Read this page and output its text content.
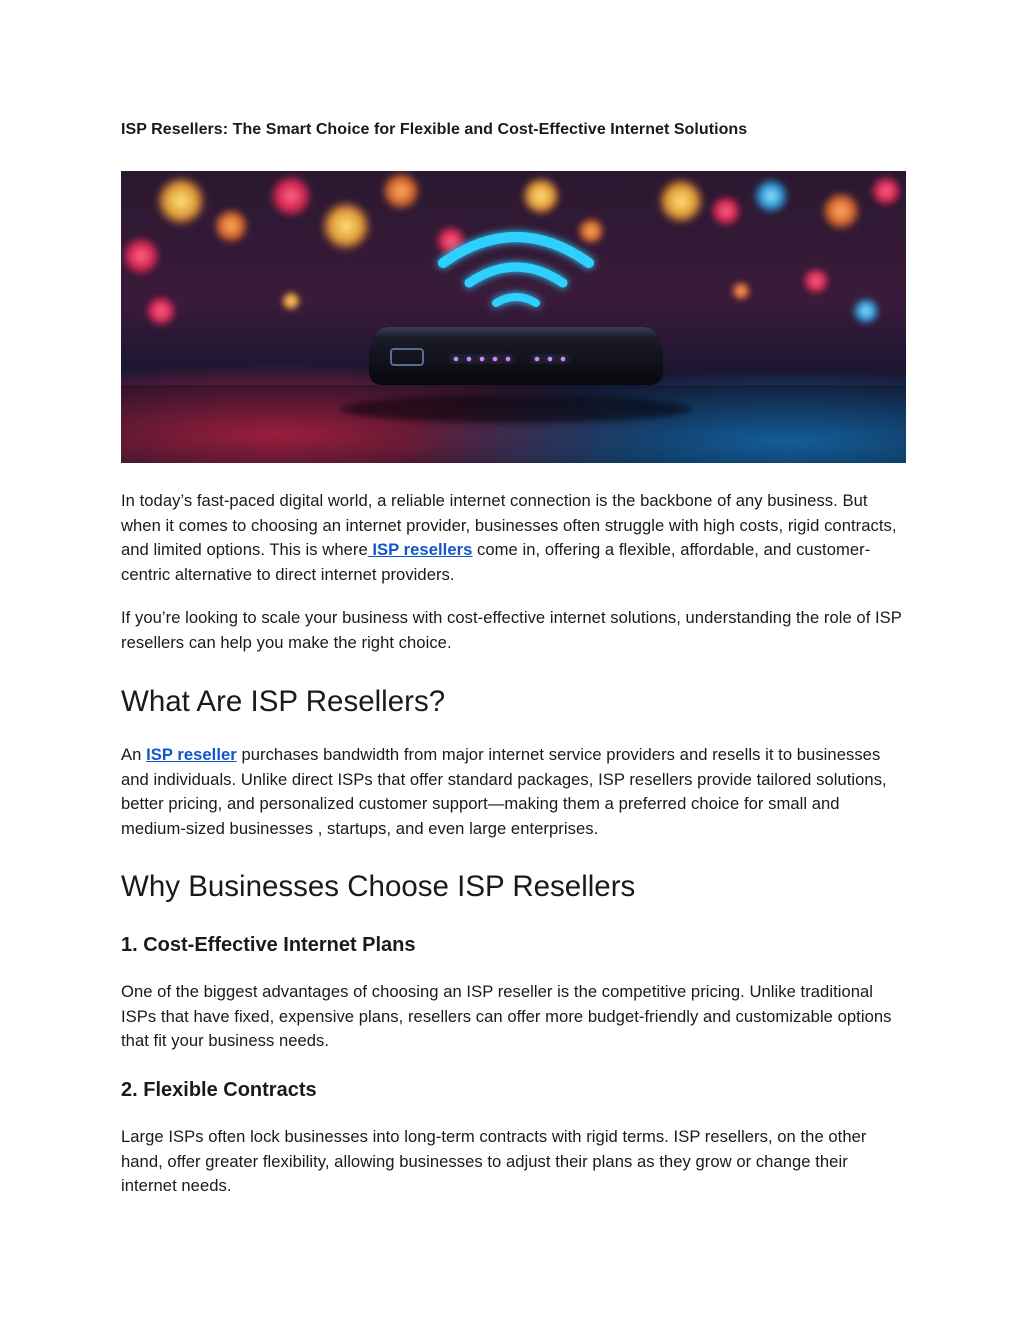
ISP Resellers: The Smart Choice for Flexible and Cost-Effective Internet Solutions

In today’s fast-paced digital world, a reliable internet connection is the backbone of any business. But when it comes to choosing an internet provider, businesses often struggle with high costs, rigid contracts, and limited options. This is where ISP resellers come in, offering a flexible, affordable, and customer-centric alternative to direct internet providers.

If you’re looking to scale your business with cost-effective internet solutions, understanding the role of ISP resellers can help you make the right choice.

What Are ISP Resellers?

An ISP reseller purchases bandwidth from major internet service providers and resells it to businesses and individuals. Unlike direct ISPs that offer standard packages, ISP resellers provide tailored solutions, better pricing, and personalized customer support—making them a preferred choice for small and medium-sized businesses , startups, and even large enterprises.

Why Businesses Choose ISP Resellers
1. Cost-Effective Internet Plans

One of the biggest advantages of choosing an ISP reseller is the competitive pricing. Unlike traditional ISPs that have fixed, expensive plans, resellers can offer more budget-friendly and customizable options that fit your business needs.

2. Flexible Contracts

Large ISPs often lock businesses into long-term contracts with rigid terms. ISP resellers, on the other hand, offer greater flexibility, allowing businesses to adjust their plans as they grow or change their internet needs.
